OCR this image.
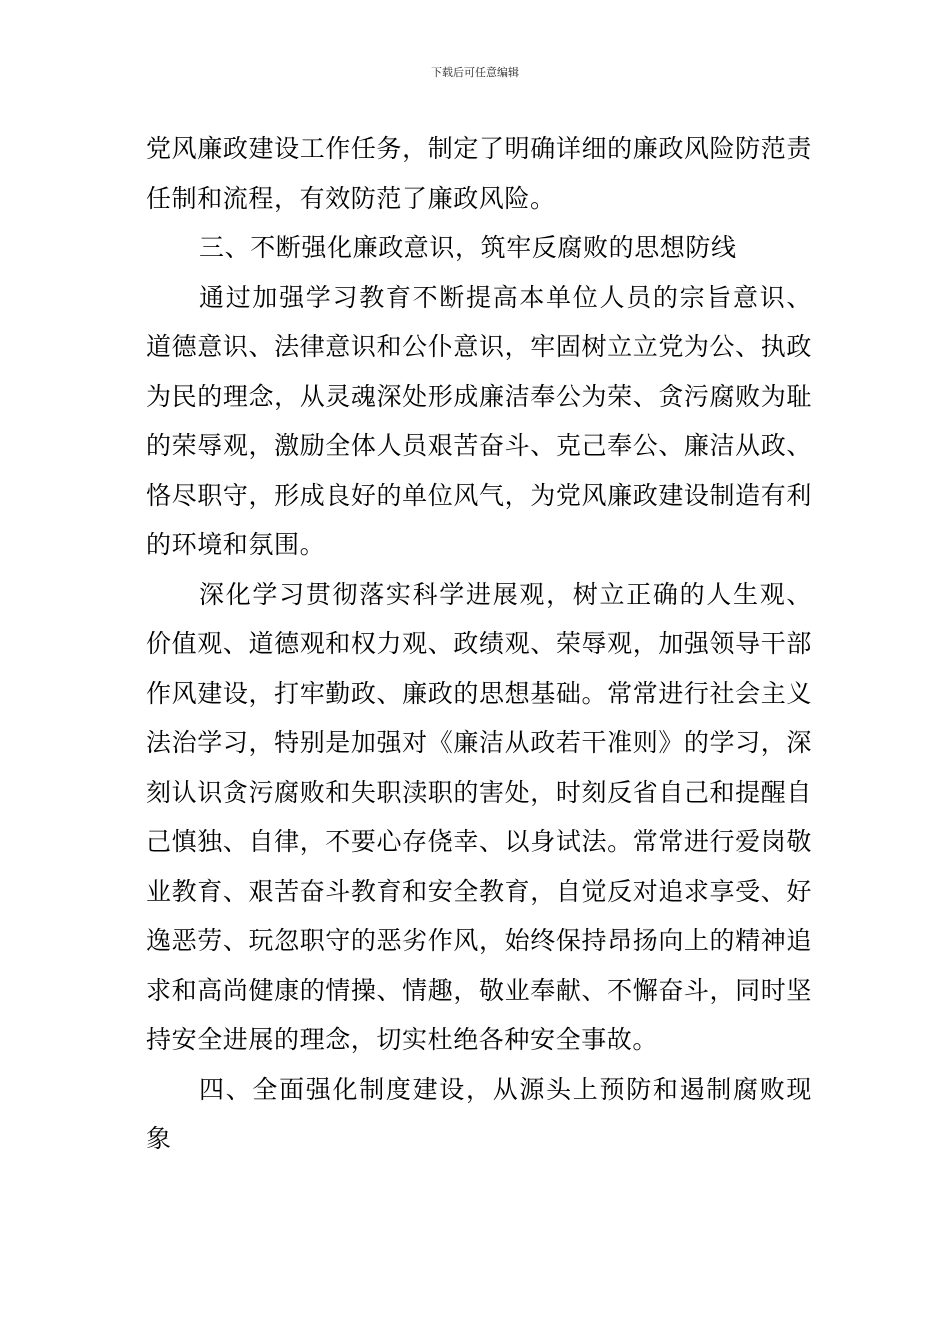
下载后可任意编辑

党风廉政建设工作任务，制定了明确详细的廉政风险防范责任制和流程，有效防范了廉政风险。

三、不断强化廉政意识，筑牢反腐败的思想防线

通过加强学习教育不断提高本单位人员的宗旨意识、道德意识、法律意识和公仆意识，牢固树立立党为公、执政为民的理念，从灵魂深处形成廉洁奉公为荣、贪污腐败为耻的荣辱观，激励全体人员艰苦奋斗、克己奉公、廉洁从政、恪尽职守，形成良好的单位风气，为党风廉政建设制造有利的环境和氛围。

深化学习贯彻落实科学进展观，树立正确的人生观、价值观、道德观和权力观、政绩观、荣辱观，加强领导干部作风建设，打牢勤政、廉政的思想基础。常常进行社会主义法治学习，特别是加强对《廉洁从政若干准则》的学习，深刻认识贪污腐败和失职渎职的害处，时刻反省自己和提醒自己慎独、自律，不要心存侥幸、以身试法。常常进行爱岗敬业教育、艰苦奋斗教育和安全教育，自觉反对追求享受、好逸恶劳、玩忽职守的恶劣作风，始终保持昂扬向上的精神追求和高尚健康的情操、情趣，敬业奉献、不懈奋斗，同时坚持安全进展的理念，切实杜绝各种安全事故。

四、全面强化制度建设，从源头上预防和遏制腐败现象
